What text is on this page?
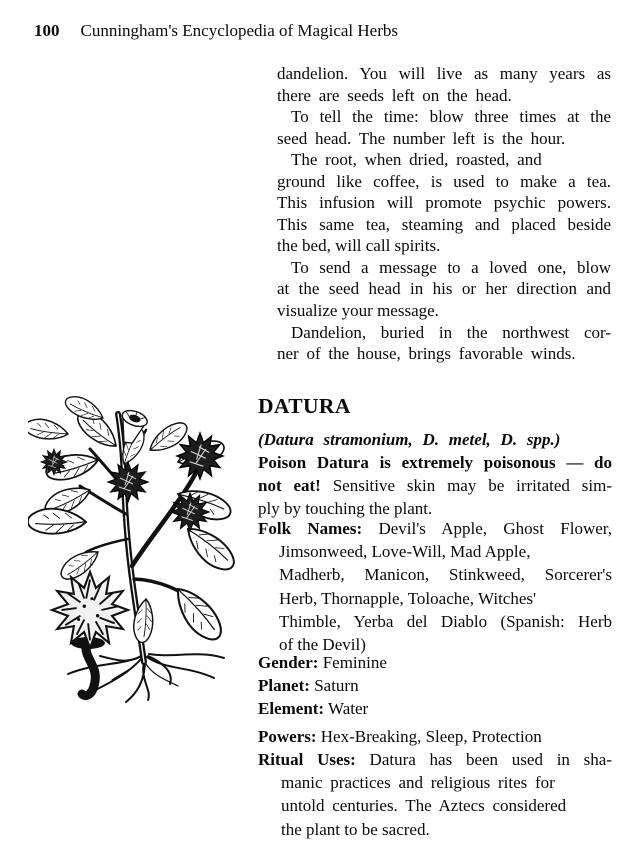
100 Cunningham's Encyclopedia of Magical Herbs
dandelion. You will live as many years as
there are seeds left on the head.
To tell the time: blow three times at the
seed head. The number left is the hour.
The root, when dried, roasted, and
ground like coffee, is used to make a tea.
This infusion will promote psychic powers.
This same tea, steaming and placed beside
the bed, will call spirits.
To send a message to a loved one, blow
at the seed head in his or her direction and
visualize your message.
Dandelion, buried in the northwest cor-
ner of the house, brings favorable winds.
DATURA
(Datura stramonium, D. metel, D. spp.)
Poison Datura is extremely poisonous — do
not eat! Sensitive skin may be irritated sim-
ply by touching the plant.
Folk Names: Devil's Apple, Ghost Flower,
Jimsonweed, Love-Will, Mad Apple,
Madherb, Manicon, Stinkweed, Sorcerer's
Herb, Thornapple, Toloache, Witches'
Thimble, Yerba del Diablo (Spanish: Herb
of the Devil)
Gender: Feminine
Planet: Saturn
Element: Water
Powers: Hex-Breaking, Sleep, Protection
Ritual Uses: Datura has been used in sha-
manic practices and religious rites for
untold centuries. The Aztecs considered
the plant to be sacred.
